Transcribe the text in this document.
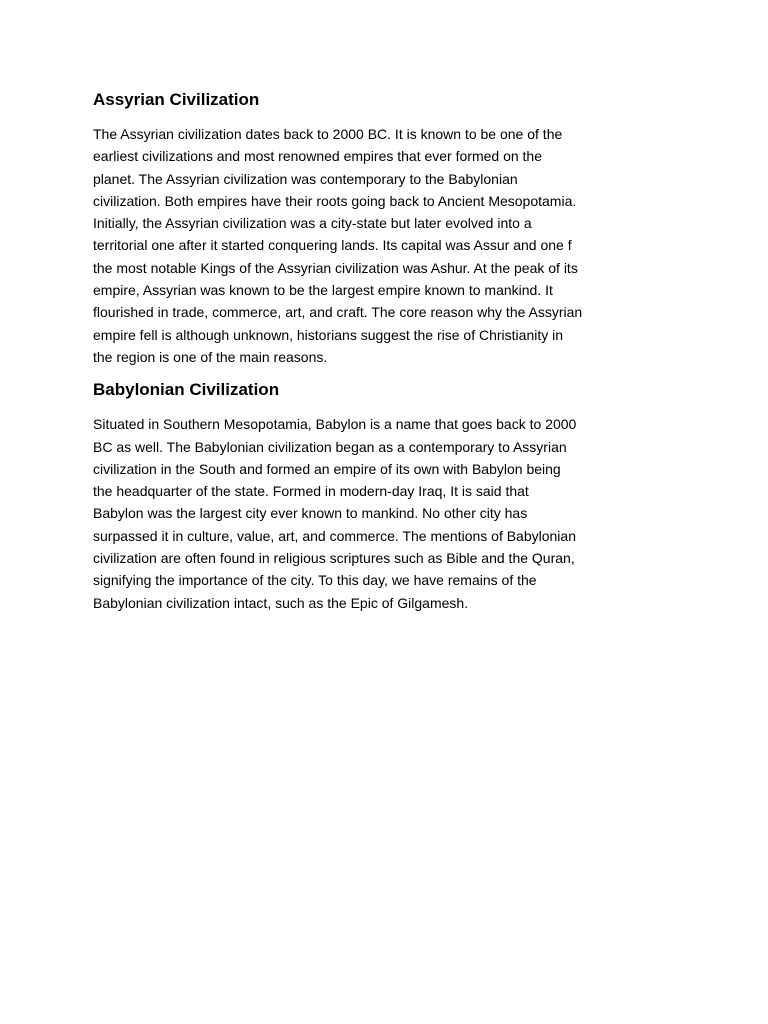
Assyrian Civilization

The Assyrian civilization dates back to 2000 BC. It is known to be one of the
earliest civilizations and most renowned empires that ever formed on the
planet. The Assyrian civilization was contemporary to the Babylonian
civilization. Both empires have their roots going back to Ancient Mesopotamia.
Initially, the Assyrian civilization was a city-state but later evolved into a
territorial one after it started conquering lands. Its capital was Assur and one f
the most notable Kings of the Assyrian civilization was Ashur. At the peak of its
empire, Assyrian was known to be the largest empire known to mankind. It
flourished in trade, commerce, art, and craft. The core reason why the Assyrian
empire fell is although unknown, historians suggest the rise of Christianity in
the region is one of the main reasons.

Babylonian Civilization

Situated in Southern Mesopotamia, Babylon is a name that goes back to 2000
BC as well. The Babylonian civilization began as a contemporary to Assyrian
civilization in the South and formed an empire of its own with Babylon being
the headquarter of the state. Formed in modern-day Iraq, It is said that
Babylon was the largest city ever known to mankind. No other city has
surpassed it in culture, value, art, and commerce. The mentions of Babylonian
civilization are often found in religious scriptures such as Bible and the Quran,
signifying the importance of the city. To this day, we have remains of the
Babylonian civilization intact, such as the Epic of Gilgamesh.
